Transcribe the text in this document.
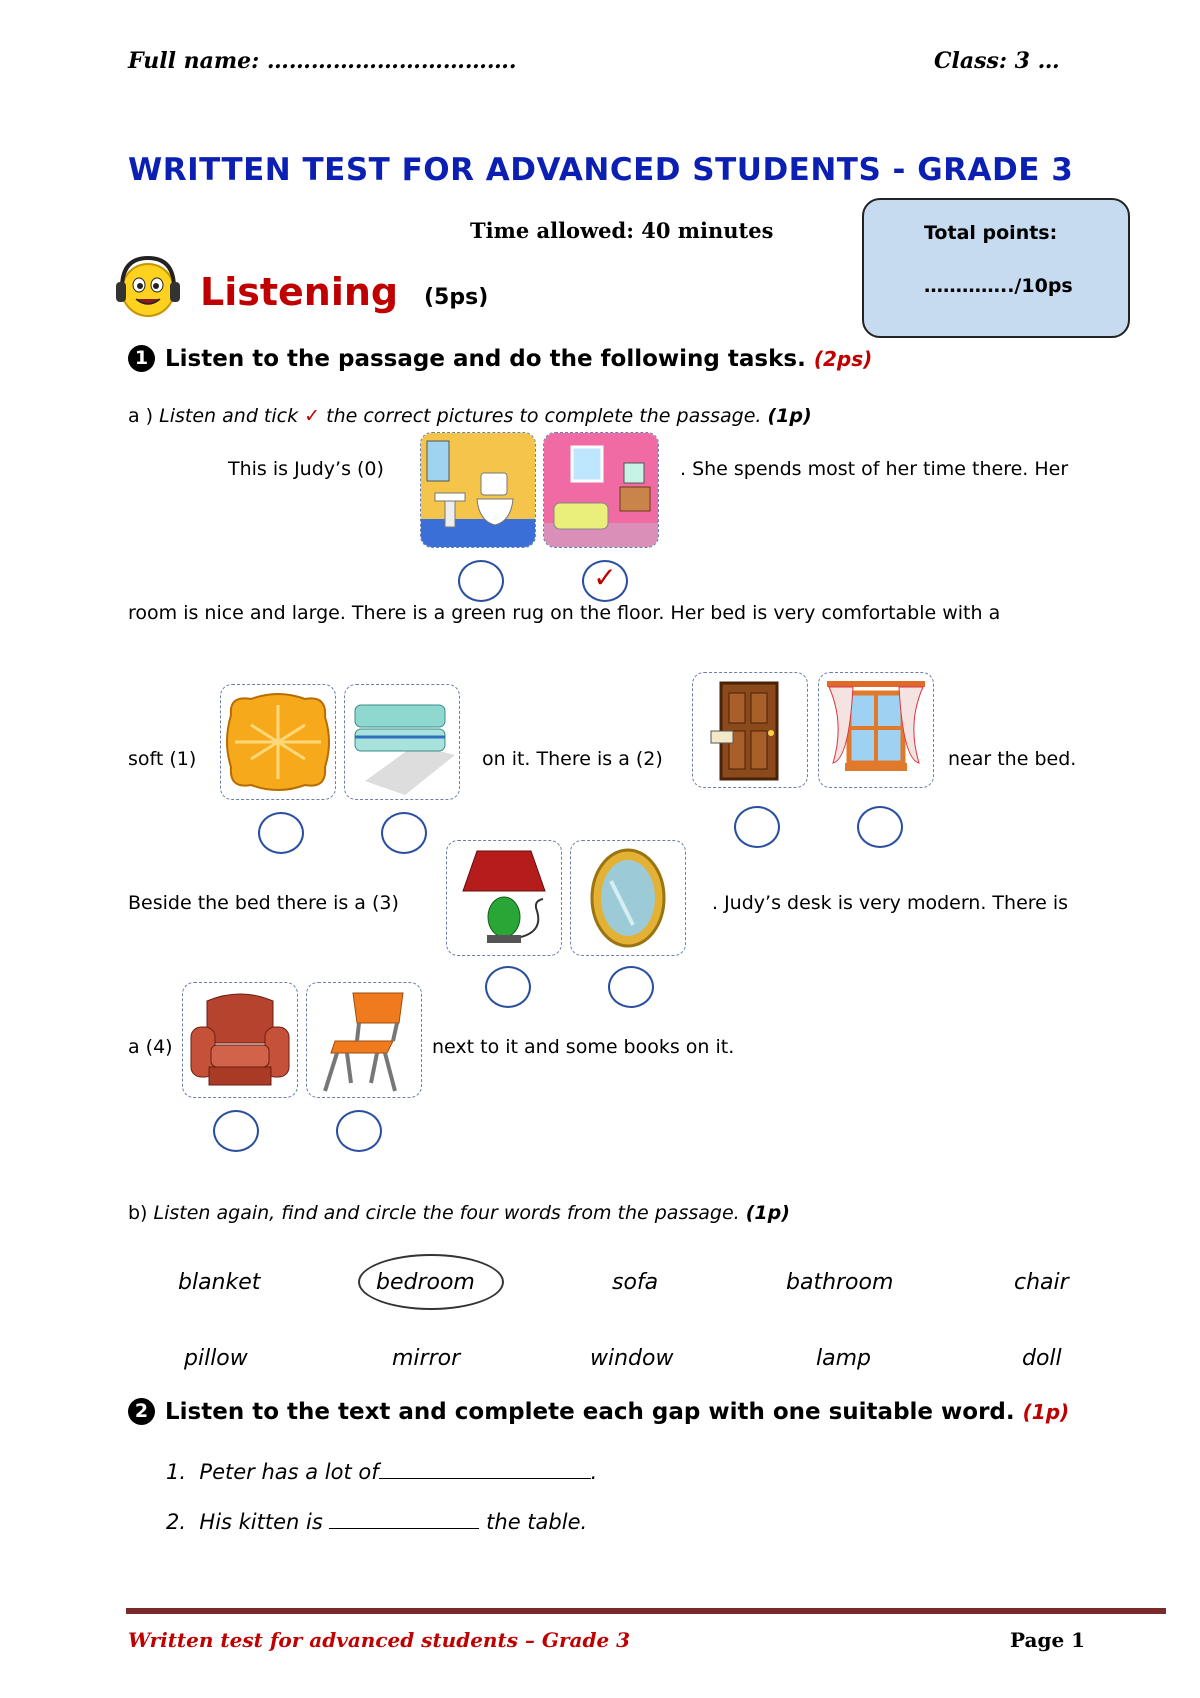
Full name: …………………………….	Class: 3 …
WRITTEN TEST FOR ADVANCED STUDENTS - GRADE 3
Time allowed: 40 minutes	Total points:
…………../10ps
Listening (5ps)
1 Listen to the passage and do the following tasks. (2ps)
a ) Listen and tick ✓ the correct pictures to complete the passage. (1p)
This is Judy’s (0)	. She spends most of her time there. Her
✓
room is nice and large. There is a green rug on the floor. Her bed is very comfortable with a
soft (1)	on it. There is a (2)	near the bed.
Beside the bed there is a (3)	. Judy’s desk is very modern. There is
a (4)	next to it and some books on it.
b) Listen again, find and circle the four words from the passage. (1p)
blanket	bedroom	sofa	bathroom	chair
pillow	mirror	window	lamp	doll
2 Listen to the text and complete each gap with one suitable word. (1p)
1. Peter has a lot of	.
2. His kitten is	the table.
Written test for advanced students – Grade 3	Page 1
